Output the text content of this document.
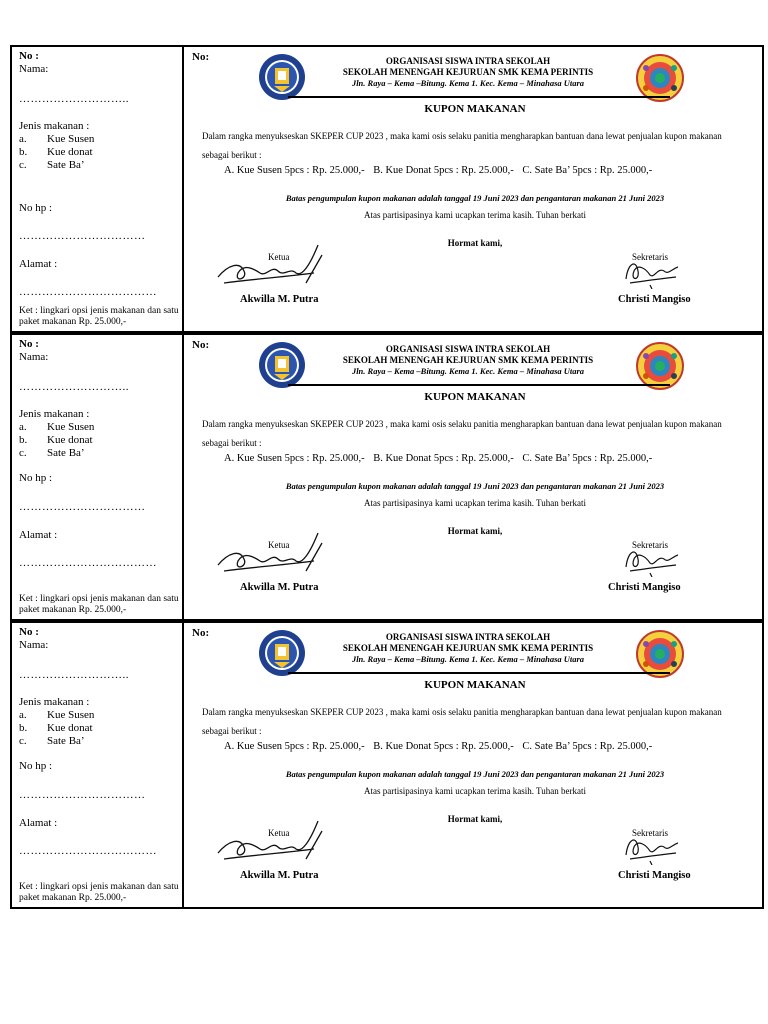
No :
Nama:
………………………..
Jenis makanan :
a.	Kue Susen
b.	Kue donat
c.	Sate Ba’
No hp :
……………………………
Alamat :
………………………………
Ket : lingkari opsi jenis makanan dan satu paket makanan Rp. 25.000,-
No:	ORGANISASI SISWA INTRA SEKOLAH
SEKOLAH MENENGAH KEJURUAN SMK KEMA PERINTIS
Jln. Raya – Kema –Bitung. Kema 1. Kec. Kema – Minahasa Utara
KUPON MAKANAN
Dalam rangka menyukseskan SKEPER CUP 2023 , maka kami osis selaku panitia mengharapkan bantuan dana lewat penjualan kupon makanan sebagai berikut :
A. Kue Susen 5pcs : Rp. 25.000,- B. Kue Donat 5pcs : Rp. 25.000,- C. Sate Ba’ 5pcs : Rp. 25.000,-
Batas pengumpulan kupon makanan adalah tanggal 19 Juni 2023 dan pengantaran makanan 21 Juni 2023
Atas partisipasinya kami ucapkan terima kasih. Tuhan berkati
Hormat kami,
Ketua	Sekretaris
Akwilla M. Putra	Christi Mangiso
No :
Nama:
………………………..
Jenis makanan :
a.	Kue Susen
b.	Kue donat
c.	Sate Ba’
No hp :
……………………………
Alamat :
………………………………
Ket : lingkari opsi jenis makanan dan satu paket makanan Rp. 25.000,-
No:	ORGANISASI SISWA INTRA SEKOLAH
SEKOLAH MENENGAH KEJURUAN SMK KEMA PERINTIS
Jln. Raya – Kema –Bitung. Kema 1. Kec. Kema – Minahasa Utara
KUPON MAKANAN
Dalam rangka menyukseskan SKEPER CUP 2023 , maka kami osis selaku panitia mengharapkan bantuan dana lewat penjualan kupon makanan sebagai berikut :
A. Kue Susen 5pcs : Rp. 25.000,- B. Kue Donat 5pcs : Rp. 25.000,- C. Sate Ba’ 5pcs : Rp. 25.000,-
Batas pengumpulan kupon makanan adalah tanggal 19 Juni 2023 dan pengantaran makanan 21 Juni 2023
Atas partisipasinya kami ucapkan terima kasih. Tuhan berkati
Hormat kami,
Ketua	Sekretaris
Akwilla M. Putra	Christi Mangiso
No :
Nama:
………………………..
Jenis makanan :
a.	Kue Susen
b.	Kue donat
c.	Sate Ba’
No hp :
……………………………
Alamat :
………………………………
Ket : lingkari opsi jenis makanan dan satu paket makanan Rp. 25.000,-
No:	ORGANISASI SISWA INTRA SEKOLAH
SEKOLAH MENENGAH KEJURUAN SMK KEMA PERINTIS
Jln. Raya – Kema –Bitung. Kema 1. Kec. Kema – Minahasa Utara
KUPON MAKANAN
Dalam rangka menyukseskan SKEPER CUP 2023 , maka kami osis selaku panitia mengharapkan bantuan dana lewat penjualan kupon makanan sebagai berikut :
A. Kue Susen 5pcs : Rp. 25.000,- B. Kue Donat 5pcs : Rp. 25.000,- C. Sate Ba’ 5pcs : Rp. 25.000,-
Batas pengumpulan kupon makanan adalah tanggal 19 Juni 2023 dan pengantaran makanan 21 Juni 2023
Atas partisipasinya kami ucapkan terima kasih. Tuhan berkati
Hormat kami,
Ketua	Sekretaris
Akwilla M. Putra	Christi Mangiso
